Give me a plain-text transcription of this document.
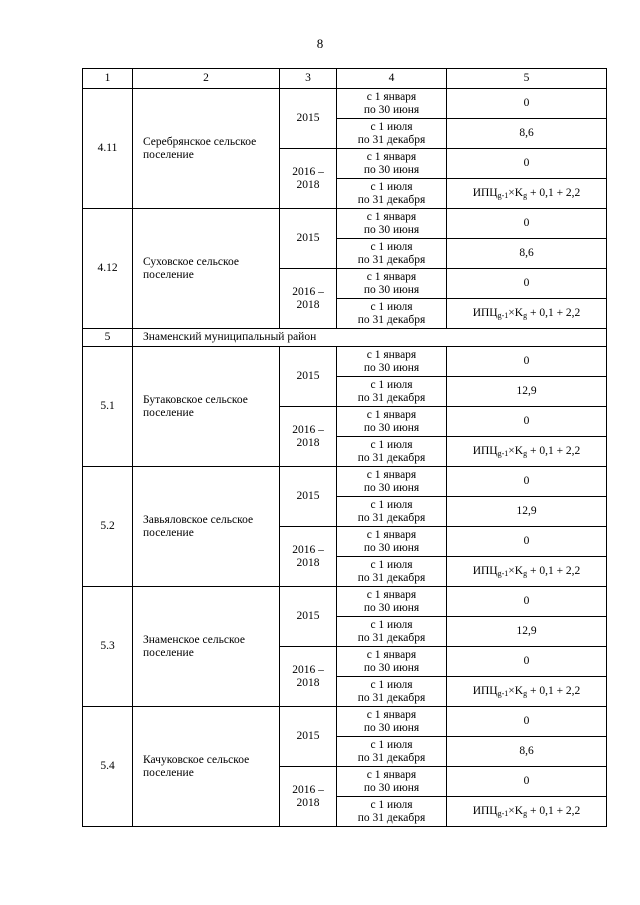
8
1	2	3	4	5
4.11	Серебрянское сельское
поселение	2015	с 1 января
по 30 июня	0

			с 1 июля
по 31 декабря	8,6

		2016 –
2018	с 1 января
по 30 июня	0

			с 1 июля
по 31 декабря	$ИПЦ_{g-1}\times K_g + 0,1 + 2,2$
4.12	Суховское сельское
поселение	2015	с 1 января
по 30 июня	0

			с 1 июля
по 31 декабря	8,6

		2016 –
2018	с 1 января
по 30 июня	0

			с 1 июля
по 31 декабря	$ИПЦ_{g-1}\times K_g + 0,1 + 2,2$
5	Знаменский муниципальный район			
5.1	Бутаковское сельское
поселение	2015	с 1 января
по 30 июня	0

			с 1 июля
по 31 декабря	12,9

		2016 –
2018	с 1 января
по 30 июня	0

			с 1 июля
по 31 декабря	$ИПЦ_{g-1}\times K_g + 0,1 + 2,2$
5.2	Завьяловское сельское
поселение	2015	с 1 января
по 30 июня	0

			с 1 июля
по 31 декабря	12,9

		2016 –
2018	с 1 января
по 30 июня	0

			с 1 июля
по 31 декабря	$ИПЦ_{g-1}\times K_g + 0,1 + 2,2$
5.3	Знаменское сельское
поселение	2015	с 1 января
по 30 июня	0

			с 1 июля
по 31 декабря	12,9

		2016 –
2018	с 1 января
по 30 июня	0

			с 1 июля
по 31 декабря	$ИПЦ_{g-1}\times K_g + 0,1 + 2,2$
5.4	Качуковское сельское
поселение	2015	с 1 января
по 30 июня	0

			с 1 июля
по 31 декабря	8,6

		2016 –
2018	с 1 января
по 30 июня	0

			с 1 июля
по 31 декабря	$ИПЦ_{g-1}\times K_g + 0,1 + 2,2$
